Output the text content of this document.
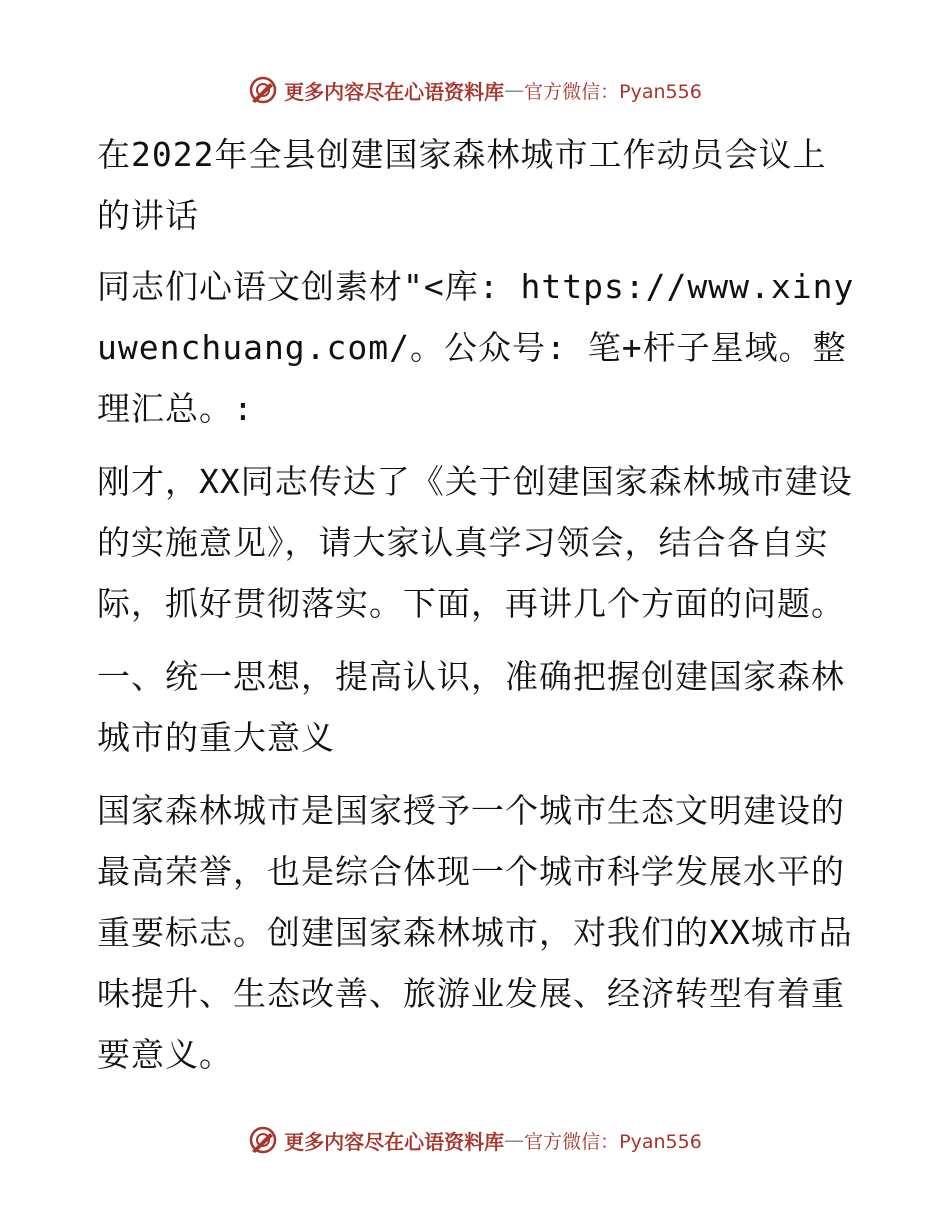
更多内容尽在心语资料库 — 官方微信：Pyan556

在2022年全县创建国家森林城市工作动员会议上的讲话

同志们心语文创素材"<库: https://www.xinyuwenchuang.com/。公众号: 笔+杆子星域。整理汇总。:

刚才，XX同志传达了《关于创建国家森林城市建设的实施意见》，请大家认真学习领会，结合各自实际，抓好贯彻落实。下面，再讲几个方面的问题。

一、统一思想，提高认识，准确把握创建国家森林城市的重大意义

国家森林城市是国家授予一个城市生态文明建设的最高荣誉，也是综合体现一个城市科学发展水平的重要标志。创建国家森林城市，对我们的XX城市品味提升、生态改善、旅游业发展、经济转型有着重要意义。

更多内容尽在心语资料库 — 官方微信：Pyan556
